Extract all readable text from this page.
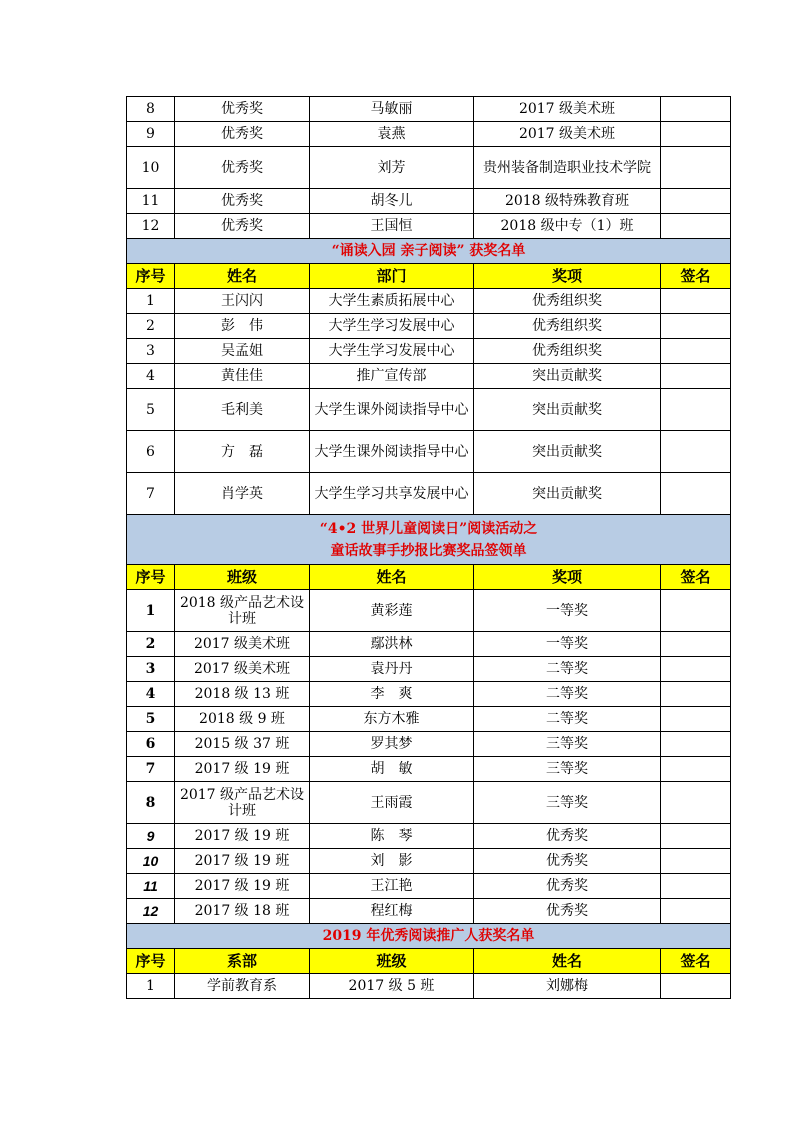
8	优秀奖	马敏丽	2017 级美术班	
9	优秀奖	袁燕	2017 级美术班	
10	优秀奖	刘芳	贵州装备制造职业技术学院	
11	优秀奖	胡冬儿	2018 级特殊教育班	
12	优秀奖	王国恒	2018 级中专（1）班	
“诵读入园 亲子阅读” 获奖名单				
序号	姓名	部门	奖项	签名
1	王闪闪	大学生素质拓展中心	优秀组织奖	
2	彭　伟	大学生学习发展中心	优秀组织奖	
3	吴孟姐	大学生学习发展中心	优秀组织奖	
4	黄佳佳	推广宣传部	突出贡献奖	
5	毛利美	大学生课外阅读指导中心	突出贡献奖	
6	方　磊	大学生课外阅读指导中心	突出贡献奖	
7	肖学英	大学生学习共享发展中心	突出贡献奖	

“4•2 世界儿童阅读日”阅读活动之
童话故事手抄报比赛奖品签领单				

序号	班级	姓名	奖项	签名
1	2018 级产品艺术设计班	黄彩莲	一等奖	
2	2017 级美术班	鄢洪林	一等奖	
3	2017 级美术班	袁丹丹	二等奖	
4	2018 级 13 班	李　爽	二等奖	
5	2018 级 9 班	东方木雅	二等奖	
6	2015 级 37 班	罗其梦	三等奖	
7	2017 级 19 班	胡　敏	三等奖	
8	2017 级产品艺术设计班	王雨霞	三等奖	
9	2017 级 19 班	陈　琴	优秀奖	
10	2017 级 19 班	刘　影	优秀奖	
11	2017 级 19 班	王江艳	优秀奖	
12	2017 级 18 班	程红梅	优秀奖	
2019 年优秀阅读推广人获奖名单				
序号	系部	班级	姓名	签名
1	学前教育系	2017 级 5 班	刘娜梅	
